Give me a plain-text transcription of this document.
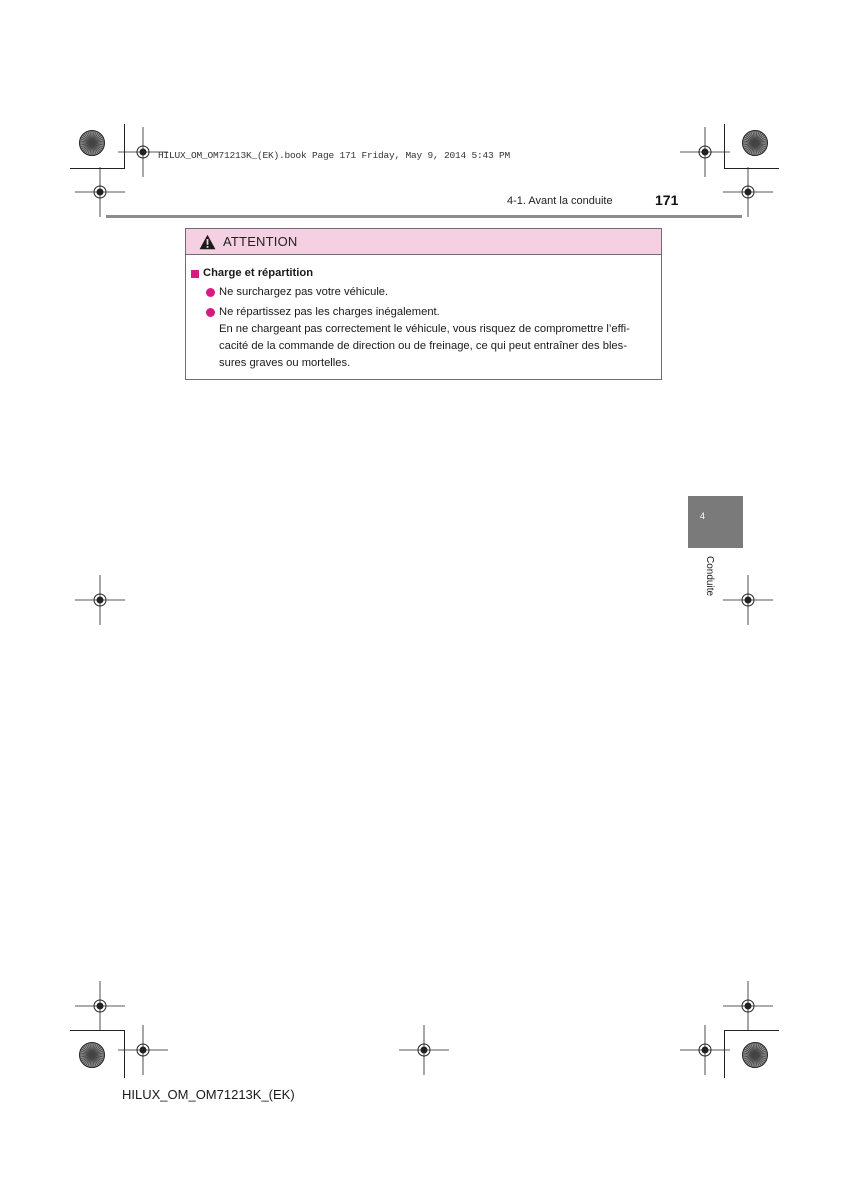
HILUX_OM_OM71213K_(EK).book Page 171 Friday, May 9, 2014 5:43 PM
4-1. Avant la conduite	171
ATTENTION
Charge et répartition
Ne surchargez pas votre véhicule.
Ne répartissez pas les charges inégalement.
En ne chargeant pas correctement le véhicule, vous risquez de compromettre l’effi-
cacité de la commande de direction ou de freinage, ce qui peut entraîner des bles-
sures graves ou mortelles.
4
Conduite
HILUX_OM_OM71213K_(EK)
